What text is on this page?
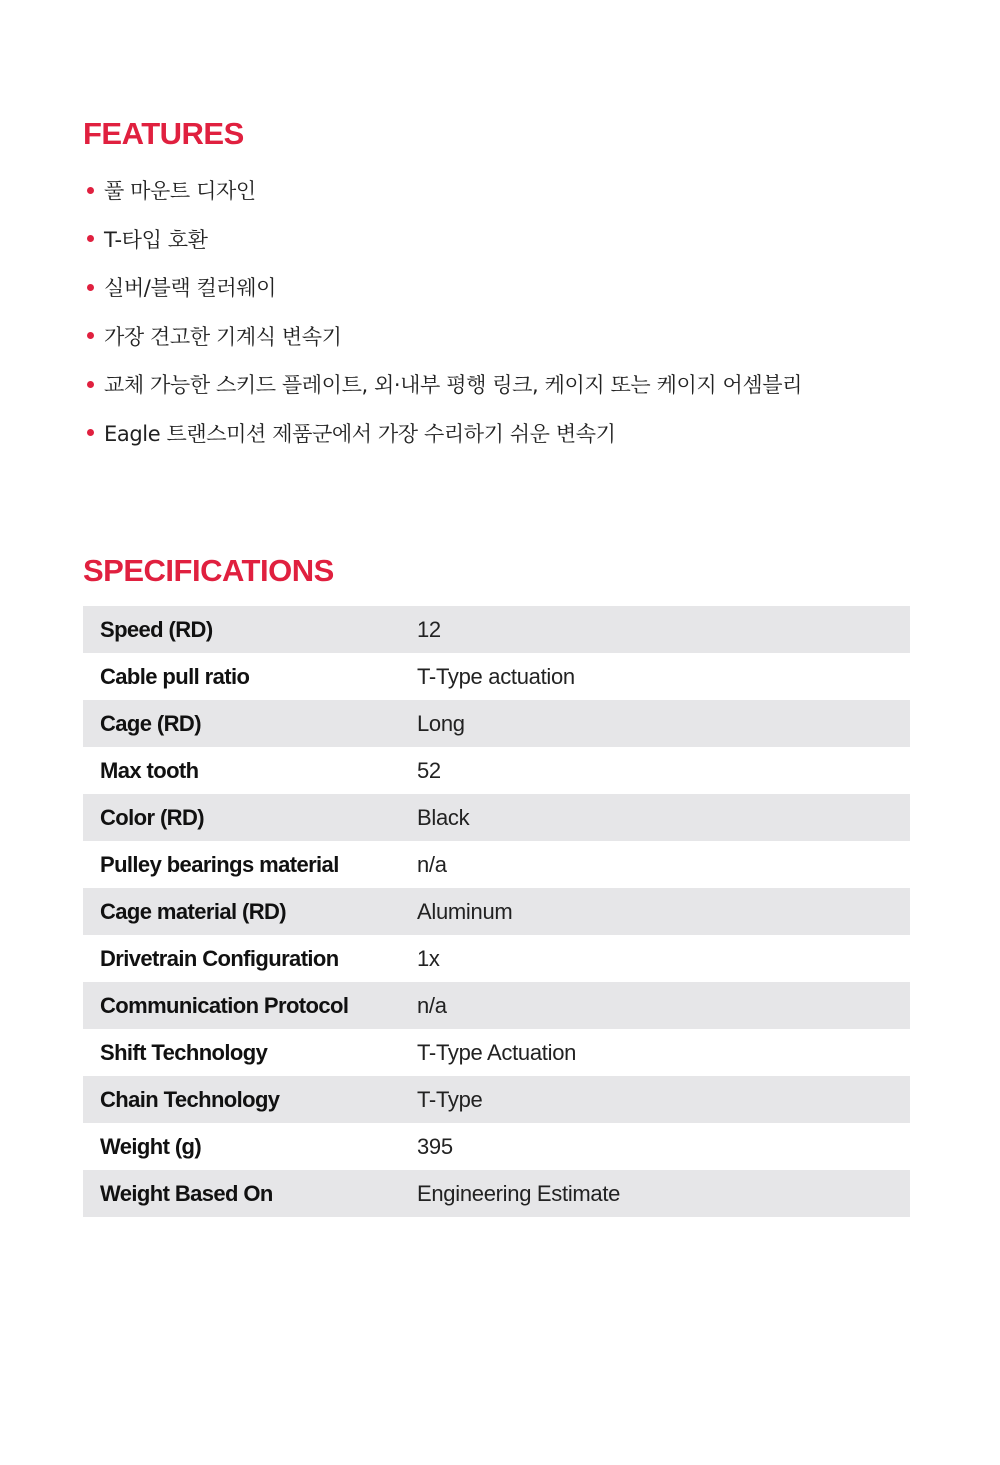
FEATURES
풀 마운트 디자인
T-타입 호환
실버/블랙 컬러웨이
가장 견고한 기계식 변속기
교체 가능한 스키드 플레이트, 외·내부 평행 링크, 케이지 또는 케이지 어셈블리
Eagle 트랜스미션 제품군에서 가장 수리하기 쉬운 변속기
SPECIFICATIONS
Speed (RD)	12
Cable pull ratio	T-Type actuation
Cage (RD)	Long
Max tooth	52
Color (RD)	Black
Pulley bearings material	n/a
Cage material (RD)	Aluminum
Drivetrain Configuration	1x
Communication Protocol	n/a
Shift Technology	T-Type Actuation
Chain Technology	T-Type
Weight (g)	395
Weight Based On	Engineering Estimate
